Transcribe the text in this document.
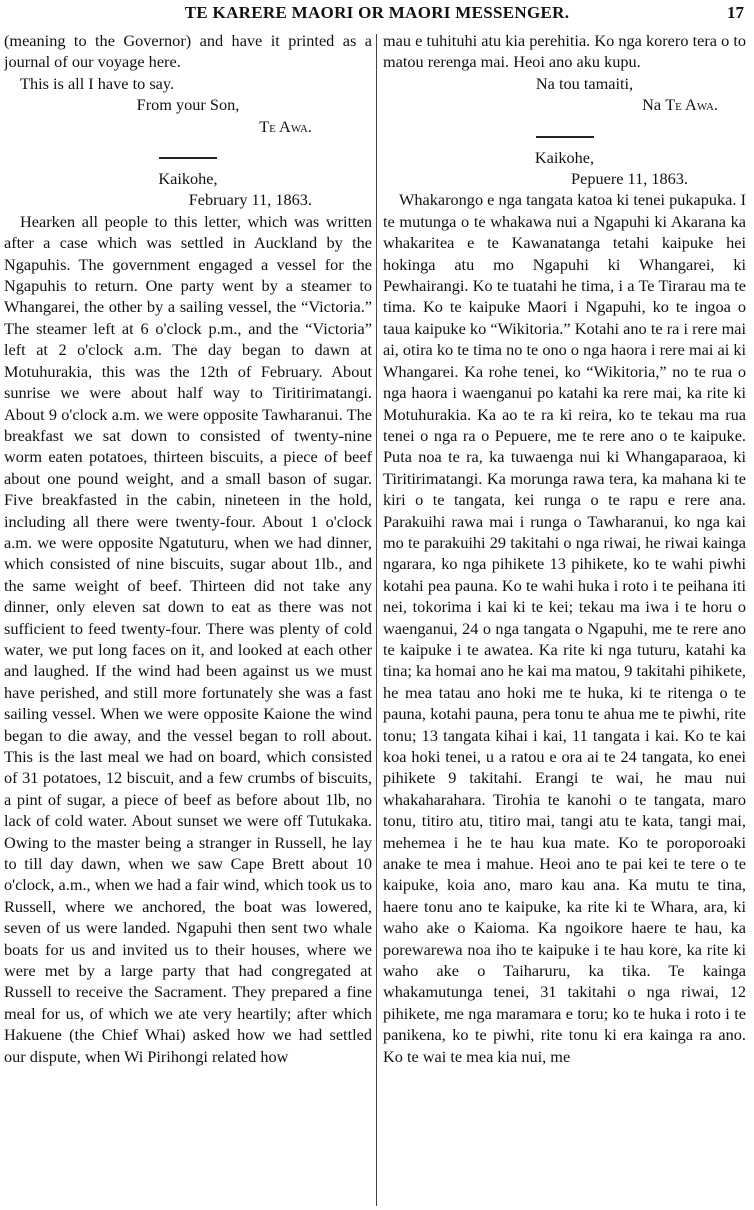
TE KARERE MAORI OR MAORI MESSENGER.	17

(meaning to the Governor) and have it printed as a journal of our voyage here.

This is all I have to say.

From your Son,

Te Awa.

Kaikohe,

February 11, 1863.

Hearken all people to this letter, which was written after a case which was settled in Auckland by the Ngapuhis. The government engaged a vessel for the Ngapuhis to return. One party went by a steamer to Whangarei, the other by a sailing vessel, the “Victoria.” The steamer left at 6 o'clock p.m., and the “Victoria” left at 2 o'clock a.m. The day began to dawn at Motuhurakia, this was the 12th of February. About sunrise we were about half way to Tiritirimatangi. About 9 o'clock a.m. we were opposite Tawharanui. The breakfast we sat down to consisted of twenty-nine worm eaten potatoes, thirteen biscuits, a piece of beef about one pound weight, and a small bason of sugar. Five breakfasted in the cabin, nineteen in the hold, including all there were twenty-four. About 1 o'clock a.m. we were opposite Ngatuturu, when we had dinner, which consisted of nine biscuits, sugar about 1lb., and the same weight of beef. Thirteen did not take any dinner, only eleven sat down to eat as there was not sufficient to feed twenty-four. There was plenty of cold water, we put long faces on it, and looked at each other and laughed. If the wind had been against us we must have perished, and still more fortunately she was a fast sailing vessel. When we were opposite Kaione the wind began to die away, and the vessel began to roll about. This is the last meal we had on board, which consisted of 31 potatoes, 12 biscuit, and a few crumbs of biscuits, a pint of sugar, a piece of beef as before about 1lb, no lack of cold water. About sunset we were off Tutukaka. Owing to the master being a stranger in Russell, he lay to till day dawn, when we saw Cape Brett about 10 o'clock, a.m., when we had a fair wind, which took us to Russell, where we anchored, the boat was lowered, seven of us were landed. Ngapuhi then sent two whale boats for us and invited us to their houses, where we were met by a large party that had congregated at Russell to receive the Sacrament. They prepared a fine meal for us, of which we ate very heartily; after which Hakuene (the Chief Whai) asked how we had settled our dispute, when Wi Pirihongi related how

mau e tuhituhi atu kia perehitia. Ko nga korero tera o to matou rerenga mai. Heoi ano aku kupu.

Na tou tamaiti,

Na Te Awa.

Kaikohe,

Pepuere 11, 1863.

Whakarongo e nga tangata katoa ki tenei pukapuka. I te mutunga o te whakawa nui a Ngapuhi ki Akarana ka whakaritea e te Kawanatanga tetahi kaipuke hei hokinga atu mo Ngapuhi ki Whangarei, ki Pewhairangi. Ko te tuatahi he tima, i a Te Tirarau ma te tima. Ko te kaipuke Maori i Ngapuhi, ko te ingoa o taua kaipuke ko “Wikitoria.” Kotahi ano te ra i rere mai ai, otira ko te tima no te ono o nga haora i rere mai ai ki Whangarei. Ka rohe tenei, ko “Wikitoria,” no te rua o nga haora i waenganui po katahi ka rere mai, ka rite ki Motuhurakia. Ka ao te ra ki reira, ko te tekau ma rua tenei o nga ra o Pepuere, me te rere ano o te kaipuke. Puta noa te ra, ka tuwaenga nui ki Whangaparaoa, ki Tiritirimatangi. Ka morunga rawa tera, ka mahana ki te kiri o te tangata, kei runga o te rapu e rere ana. Parakuihi rawa mai i runga o Tawharanui, ko nga kai mo te parakuihi 29 takitahi o nga riwai, he riwai kainga ngarara, ko nga pihikete 13 pihikete, ko te wahi piwhi kotahi pea pauna. Ko te wahi huka i roto i te peihana iti nei, tokorima i kai ki te kei; tekau ma iwa i te horu o waenganui, 24 o nga tangata o Ngapuhi, me te rere ano te kaipuke i te awatea. Ka rite ki nga tuturu, katahi ka tina; ka homai ano he kai ma matou, 9 takitahi pihikete, he mea tatau ano hoki me te huka, ki te ritenga o te pauna, kotahi pauna, pera tonu te ahua me te piwhi, rite tonu; 13 tangata kihai i kai, 11 tangata i kai. Ko te kai koa hoki tenei, u a ratou e ora ai te 24 tangata, ko enei pihikete 9 takitahi. Erangi te wai, he mau nui whakaharahara. Tirohia te kanohi o te tangata, maro tonu, titiro atu, titiro mai, tangi atu te kata, tangi mai, mehemea i he te hau kua mate. Ko te poroporoaki anake te mea i mahue. Heoi ano te pai kei te tere o te kaipuke, koia ano, maro kau ana. Ka mutu te tina, haere tonu ano te kaipuke, ka rite ki te Whara, ara, ki waho ake o Kaioma. Ka ngoikore haere te hau, ka porewarewa noa iho te kaipuke i te hau kore, ka rite ki waho ake o Taiharuru, ka tika. Te kainga whakamutunga tenei, 31 takitahi o nga riwai, 12 pihikete, me nga maramara e toru; ko te huka i roto i te panikena, ko te piwhi, rite tonu ki era kainga ra ano. Ko te wai te mea kia nui, me
